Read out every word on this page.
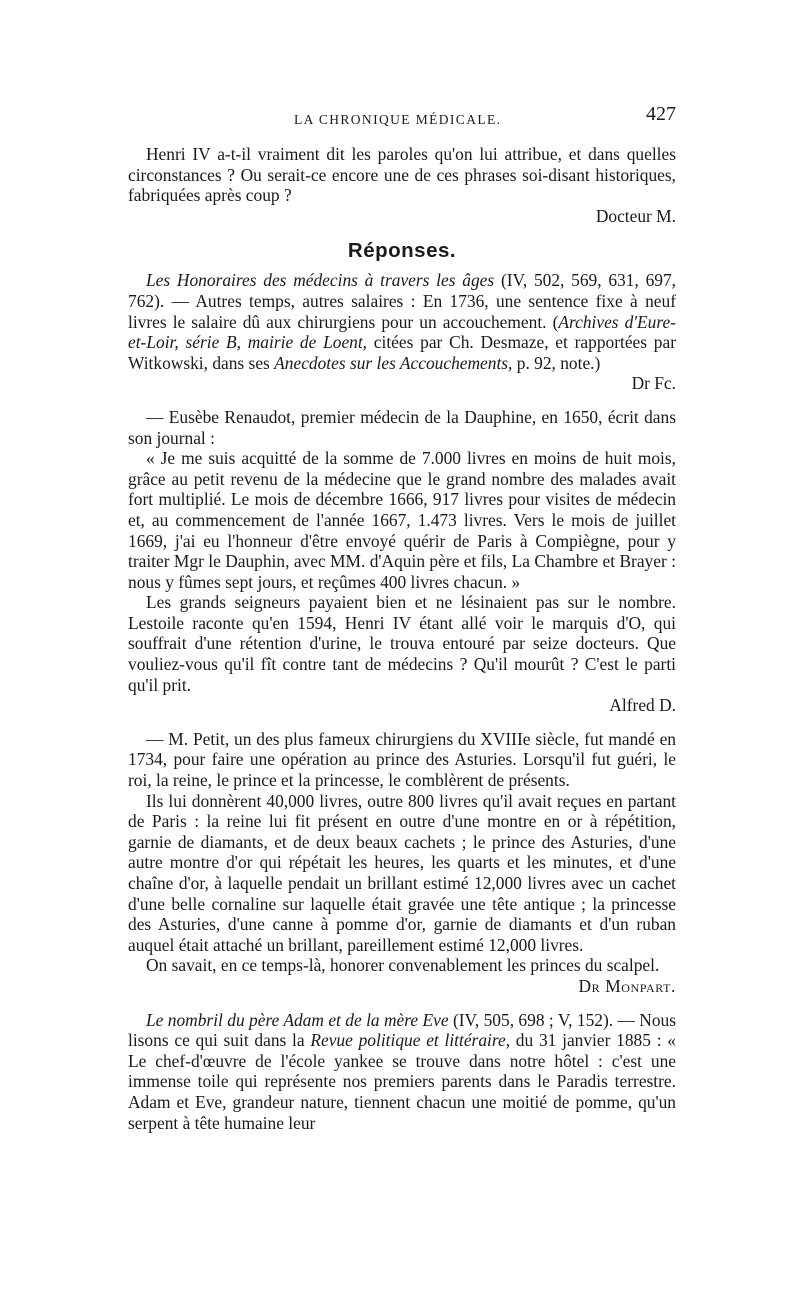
LA CHRONIQUE MÉDICALE.	427

Henri IV a-t-il vraiment dit les paroles qu'on lui attribue, et dans quelles circonstances ? Ou serait-ce encore une de ces phrases soi-disant historiques, fabriquées après coup ?

Docteur M.

Réponses.

Les Honoraires des médecins à travers les âges (IV, 502, 569, 631, 697, 762). — Autres temps, autres salaires : En 1736, une sentence fixe à neuf livres le salaire dû aux chirurgiens pour un accouchement. (Archives d'Eure-et-Loir, série B, mairie de Loent, citées par Ch. Desmaze, et rapportées par Witkowski, dans ses Anecdotes sur les Accouchements, p. 92, note.)

Dr Fc.

— Eusèbe Renaudot, premier médecin de la Dauphine, en 1650, écrit dans son journal :

« Je me suis acquitté de la somme de 7.000 livres en moins de huit mois, grâce au petit revenu de la médecine que le grand nombre des malades avait fort multiplié. Le mois de décembre 1666, 917 livres pour visites de médecin et, au commencement de l'année 1667, 1.473 livres. Vers le mois de juillet 1669, j'ai eu l'honneur d'être envoyé quérir de Paris à Compiègne, pour y traiter Mgr le Dauphin, avec MM. d'Aquin père et fils, La Chambre et Brayer : nous y fûmes sept jours, et reçûmes 400 livres chacun. »

Les grands seigneurs payaient bien et ne lésinaient pas sur le nombre. Lestoile raconte qu'en 1594, Henri IV étant allé voir le marquis d'O, qui souffrait d'une rétention d'urine, le trouva entouré par seize docteurs. Que vouliez-vous qu'il fît contre tant de médecins ? Qu'il mourût ? C'est le parti qu'il prit.

Alfred D.

— M. Petit, un des plus fameux chirurgiens du XVIIIe siècle, fut mandé en 1734, pour faire une opération au prince des Asturies. Lorsqu'il fut guéri, le roi, la reine, le prince et la princesse, le comblèrent de présents.

Ils lui donnèrent 40,000 livres, outre 800 livres qu'il avait reçues en partant de Paris : la reine lui fit présent en outre d'une montre en or à répétition, garnie de diamants, et de deux beaux cachets ; le prince des Asturies, d'une autre montre d'or qui répétait les heures, les quarts et les minutes, et d'une chaîne d'or, à laquelle pendait un brillant estimé 12,000 livres avec un cachet d'une belle cornaline sur laquelle était gravée une tête antique ; la princesse des Asturies, d'une canne à pomme d'or, garnie de diamants et d'un ruban auquel était attaché un brillant, pareillement estimé 12,000 livres.

On savait, en ce temps-là, honorer convenablement les princes du scalpel.

Dr Monpart.

Le nombril du père Adam et de la mère Eve (IV, 505, 698 ; V, 152). — Nous lisons ce qui suit dans la Revue politique et littéraire, du 31 janvier 1885 : « Le chef-d'œuvre de l'école yankee se trouve dans notre hôtel : c'est une immense toile qui représente nos premiers parents dans le Paradis terrestre. Adam et Eve, grandeur nature, tiennent chacun une moitié de pomme, qu'un serpent à tête humaine leur
